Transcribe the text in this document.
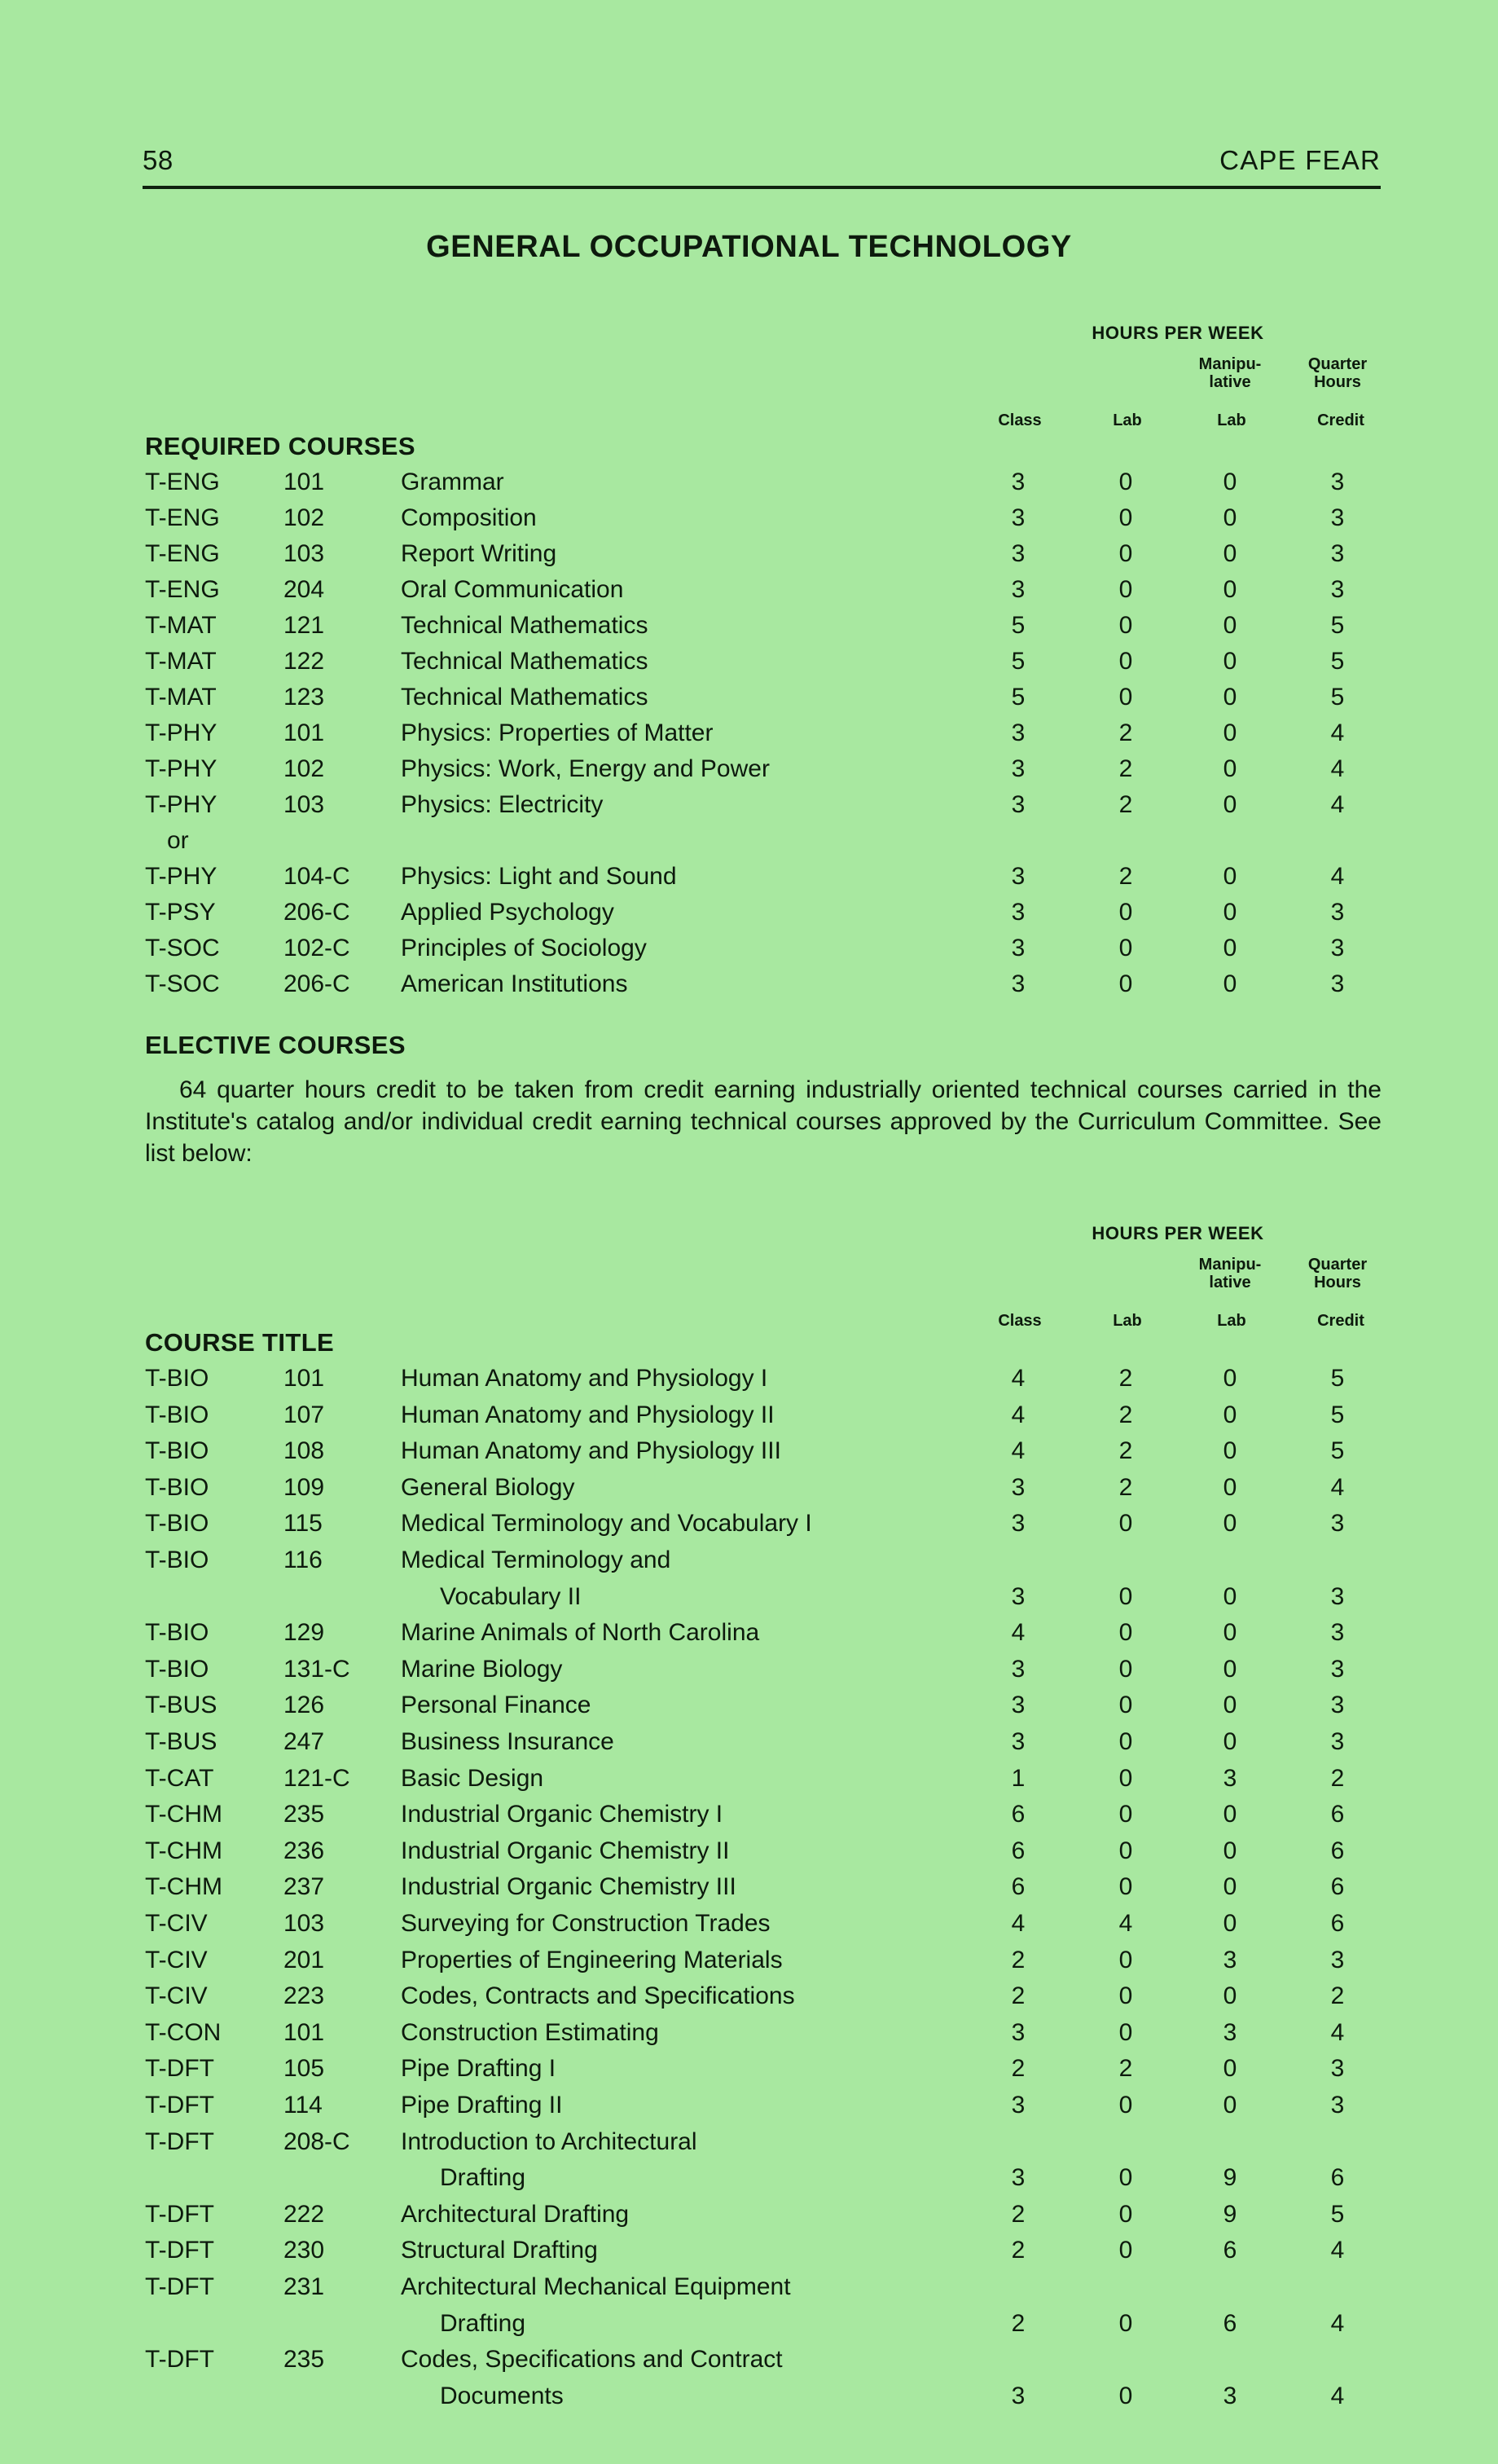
58	CAPE FEAR
GENERAL OCCUPATIONAL TECHNOLOGY
HOURS PER WEEK
Manipu-
lative
Quarter
Hours
Class	Lab	Lab	Credit
REQUIRED COURSES
T-ENG	101	Grammar	3	0	0	3
T-ENG	102	Composition	3	0	0	3
T-ENG	103	Report Writing	3	0	0	3
T-ENG	204	Oral Communication	3	0	0	3
T-MAT	121	Technical Mathematics	5	0	0	5
T-MAT	122	Technical Mathematics	5	0	0	5
T-MAT	123	Technical Mathematics	5	0	0	5
T-PHY	101	Physics: Properties of Matter	3	2	0	4
T-PHY	102	Physics: Work, Energy and Power	3	2	0	4
T-PHY	103	Physics: Electricity	3	2	0	4
or
T-PHY	104-C Physics: Light and Sound	3	2	0	4
T-PSY	206-C Applied Psychology	3	0	0	3
T-SOC	102-C Principles of Sociology	3	0	0	3
T-SOC	206-C American Institutions	3	0	0	3
ELECTIVE COURSES
64 quarter hours credit to be taken from credit earning industrially oriented technical courses carried in the Institute's catalog and/or individual credit earning technical courses approved by the Curriculum Committee. See list below:
HOURS PER WEEK
Manipu-
lative
Quarter
Hours
Class	Lab	Lab	Credit
COURSE TITLE
T-BIO	101	Human Anatomy and Physiology I	4	2	0	5
T-BIO	107	Human Anatomy and Physiology II	4	2	0	5
T-BIO	108	Human Anatomy and Physiology III	4	2	0	5
T-BIO	109	General Biology	3	2	0	4
T-BIO	115	Medical Terminology and Vocabulary I	3	0	0	3
T-BIO	116	Medical Terminology and
Vocabulary II	3	0	0	3
T-BIO	129	Marine Animals of North Carolina	4	0	0	3
T-BIO	131-C Marine Biology	3	0	0	3
T-BUS	126	Personal Finance	3	0	0	3
T-BUS	247	Business Insurance	3	0	0	3
T-CAT	121-C Basic Design	1	0	3	2
T-CHM	235	Industrial Organic Chemistry I	6	0	0	6
T-CHM	236	Industrial Organic Chemistry II	6	0	0	6
T-CHM	237	Industrial Organic Chemistry III	6	0	0	6
T-CIV	103	Surveying for Construction Trades	4	4	0	6
T-CIV	201	Properties of Engineering Materials	2	0	3	3
T-CIV	223	Codes, Contracts and Specifications	2	0	0	2
T-CON	101	Construction Estimating	3	0	3	4
T-DFT	105	Pipe Drafting I	2	2	0	3
T-DFT	114	Pipe Drafting II	3	0	0	3
T-DFT	208-C Introduction to Architectural
Drafting	3	0	9	6
T-DFT	222	Architectural Drafting	2	0	9	5
T-DFT	230	Structural Drafting	2	0	6	4
T-DFT	231	Architectural Mechanical Equipment
Drafting	2	0	6	4
T-DFT	235	Codes, Specifications and Contract
Documents	3	0	3	4
